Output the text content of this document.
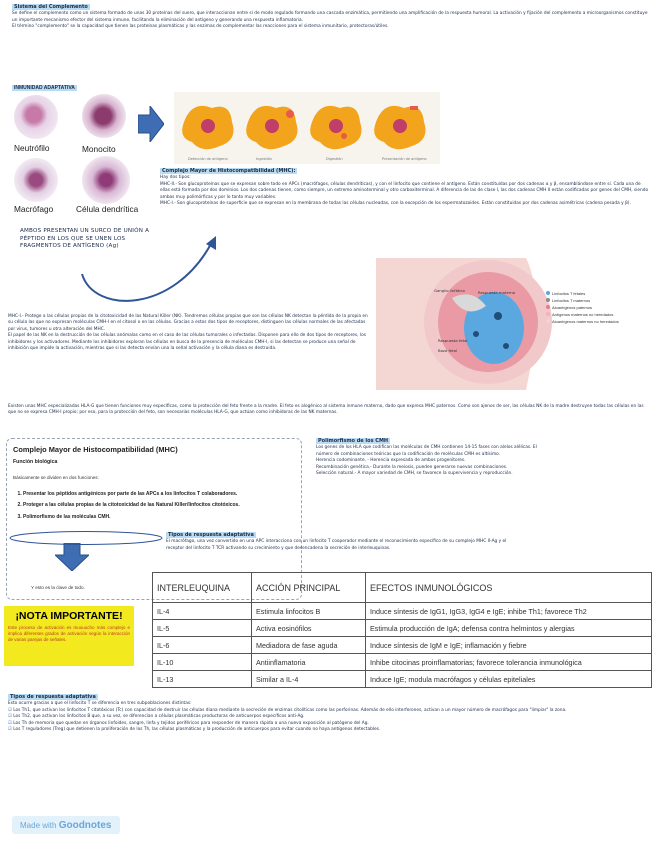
Sistema del Complemento
Se define el complemento como un sistema formado de unas 30 proteínas del suero, que interaccionan entre sí de modo regulado formando una cascada enzimática, permitiendo una amplificación de la respuesta humoral. La activación y fijación del complemento a microorganismos constituye un importante mecanismo efector del sistema inmune, facilitando la eliminación del antígeno y generando una respuesta inflamatoria.
El término "complemento" se la capacidad que tienen las proteínas plasmáticas y las enzimas de complementar las reacciones para el sistema inmunitario, protectoras/útiles.
INMUNIDAD ADAPTATIVA
Neutrófilo	Monocito
Macrófago	Célula dendrítica
Detección de antígeno	Ingestión	Digestión	Presentación de antígeno
Complejo Mayor de Histocompatibilidad (MHC):
Hay dos tipos:
MHC-II.- Son glucoproteínas que se expresan sobre todo en APCs (macrófagos, células dendríticas), y con el linfocito que contiene el antígeno. Están constituidas por dos cadenas α y β, ensamblándose entre sí. Cada una de ellas está formada por dos dominios. Los dos cadenas tienen, como siempre, un extremo aminoterminal y otro carboxiterminal. A diferencia de las de clase I, las dos cadenas CMH II están codificadas por genes del CMH, siendo ambas muy polimórficas y por lo tanto muy variables.
MHC-I.- Son glucoproteínas de superficie que se expresan en la membrana de todas las células nucleadas, con la excepción de los espermatozoides. Están constituidas por dos cadenas asimétricas (cadena pesada y β).
AMBOS PRESENTAN UN SURCO DE UNIÓN A PÉPTIDO EN LOS QUE SE UNEN LOS FRAGMENTOS DE ANTÍGENO (Ag)
Ganglio linfático	Respuesta materna
Respuesta fetal
Bazo fetal
Linfocitos T fetales
Linfocitos T maternos
Aloantígenos paternos
Antígenos maternos no heredados
Aloantígenos maternos no heredados
MHC-I.- Protege a las células propias de la citotoxicidad de las Natural Killer (NK). Tendremos células propias que son las células NK detectan la pérdida de la propia en su célula las que no expresan moléculas CMH-I en el citosol o en las células. Gracias a estos dos tipos de receptores, distinguen las células normales de las afectadas por virus, tumores u otra alteración del MHC.
El papel de las NK en la destrucción de las células anómalas como en el caso de las células tumorales o infectadas. Disponen para ello de dos tipos de receptores, los inhibidores y los activadores. Mediante los inhibidores exploran las células en busca de la presencia de moléculas CMH-I, si las detectan se produce una señal de inhibición que impide la activación, mientras que si las detecta envían una la señal activación y la célula diana es destruida.
Existen unas MHC especializadas HLA-G que tienen funciones muy específicas, como la protección del feto frente a la madre. El feto es alogénico al sistema inmune materno, dado que expresa MHC paternos. Como son ajenos de ser, las células NK de la madre destruyen todas las células en las que no se expresa CMH-I propio; por eso, para la protección del feto, son necesarias moléculas HLA-G, que actúan como inhibidoras de las NK maternas.
Complejo Mayor de Histocompatibilidad (MHC)
Función biológica
Básicamente se dividen en dos funciones:
1. Presentar los péptidos antigénicos por parte de las APCs a los linfocitos T colaboradores.
2. Proteger a las células propias de la citotoxicidad de las Natural Killer/linfocitos citotóxicos.
3. Polimorfismo de las moléculas CMH.
Y esto es la clave de todo.
Polimorfismo de los CMH
Los genes de los HLA que codifican las moléculas de CMH contienen 14-15 fases con alelos alélicas. El
número de combinaciones teóricas que la codificación de moléculas CMH es altísimo.
Herencia codominante. - Herencia expresada de ambos progenitores.
Recombinación genética.- Durante la meiosis, pueden generarse nuevas combinaciones.
Selección natural.- A mayor variedad de CMH, se favorece la supervivencia y reproducción.
Tipos de respuesta adaptativa
El macrófago, una vez convertido en una APC interacciona con un linfocito T cooperador mediante el reconocimiento específico de su complejo MHC II-Ag y el
receptor del linfocito T TCR activando su crecimiento y que desencadena la secreción de interleuquinas.
¡NOTA IMPORTANTE!
Este proceso de activación es muuuucho más complejo e implica diferentes grados de activación según la interacción de varias parejas de señales.
INTERLEUQUINA	ACCIÓN PRINCIPAL	EFECTOS INMUNOLÓGICOS
IL-4	Estimula linfocitos B	Induce síntesis de IgG1, IgG3, IgG4 e IgE; inhibe Th1; favorece Th2
IL-5	Activa eosinófilos	Estimula producción de IgA; defensa contra helmintos y alergias
IL-6	Mediadora de fase aguda	Induce síntesis de IgM e IgE; inflamación y fiebre
IL-10	Antiinflamatoria	Inhibe citocinas proinflamatorias; favorece tolerancia inmunológica
IL-13	Similar a IL-4	Induce IgE; modula macrófagos y células epiteliales
Tipos de respuesta adaptativa
Esto ocurre gracias a que el linfocito T se diferencia en tres subpoblaciones distintas:
☑ Los Th1, que activan los linfocitos T citotóxicos (Tc) con capacidad de destruir las células diana mediante la secreción de enzimas citolíticas como las perforinas. Además de ello interferones, activan a un mayor número de macrófagos para "limpiar" la zona.
☑ Los Th2, que activan los linfocitos B que, a su vez, se diferencian a células plasmáticas productoras de anticuerpos específicos anti-Ag.
☑ Los Th de memoria que quedan en órganos linfoides, sangre, linfa y tejidos periféricos para responder de manera rápida a una nueva exposición al patógeno del Ag.
☑ Los T reguladores (Treg) que detienen la proliferación de los Th, las células plasmáticas y la producción de anticuerpos para evitar cuando no haya antígenos detectables.
Made with Goodnotes
